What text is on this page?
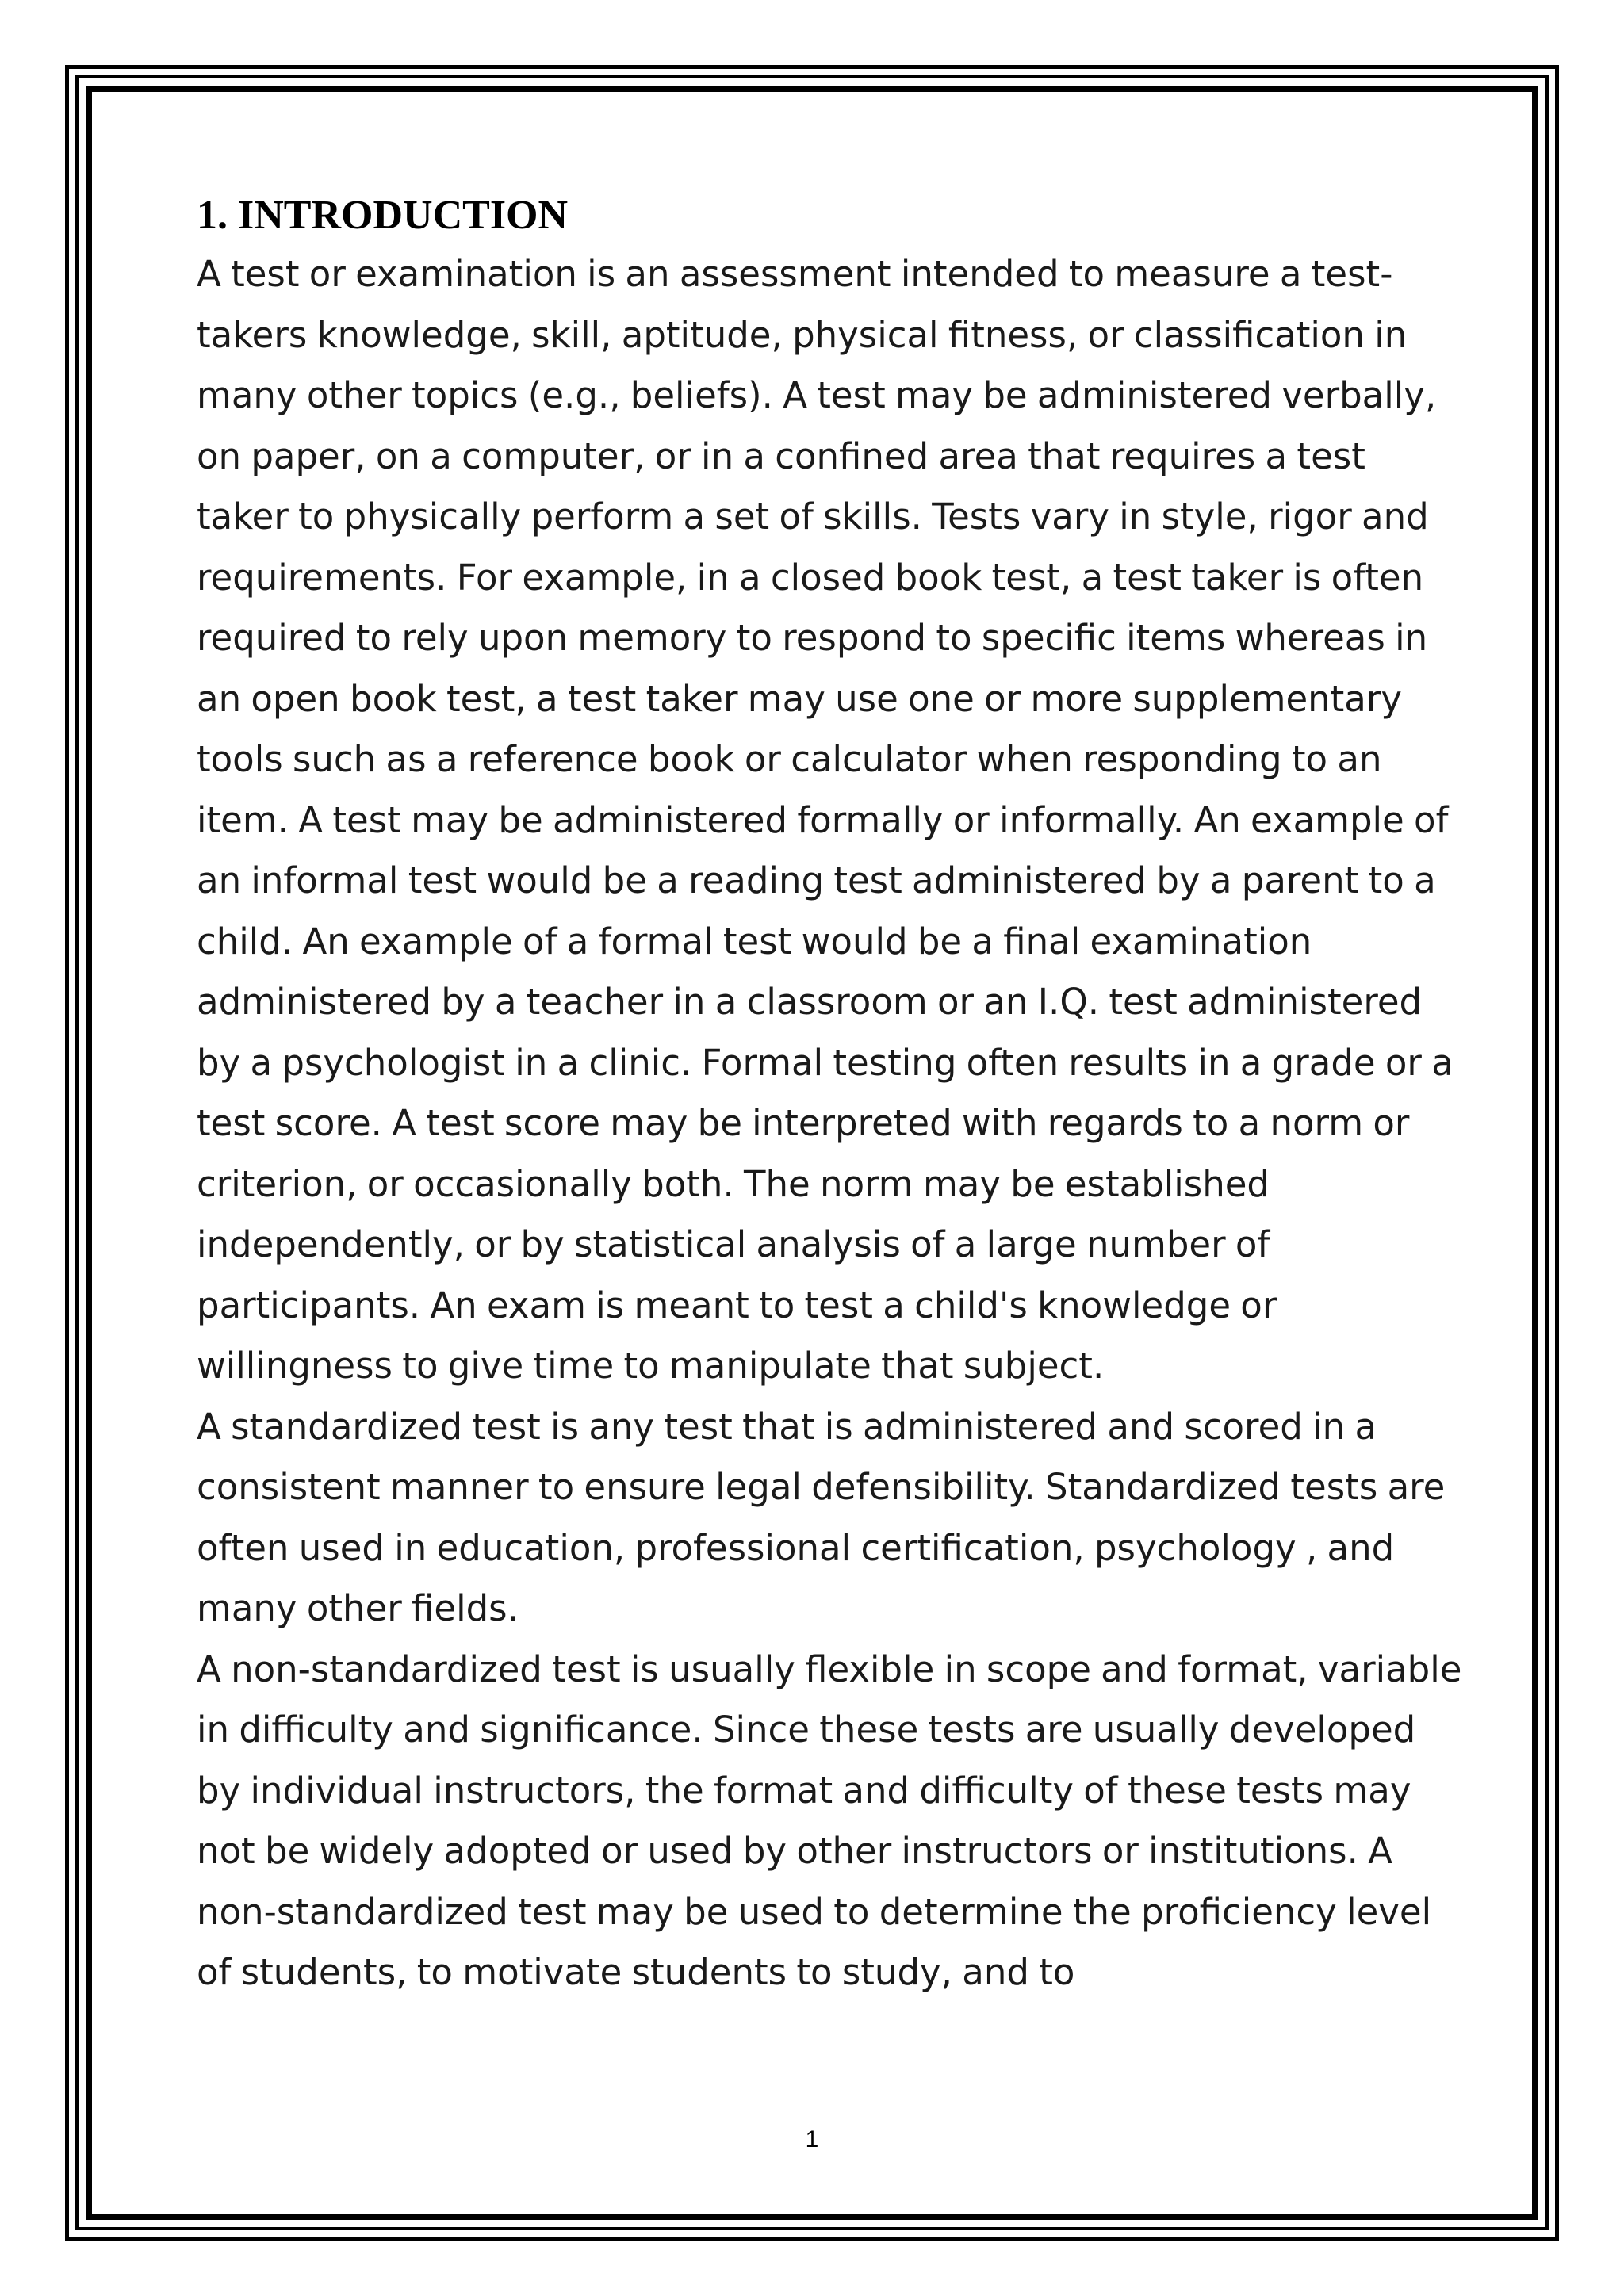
1. INTRODUCTION

A test or examination is an assessment intended to measure a test-takers knowledge, skill, aptitude, physical fitness, or classification in many other topics (e.g., beliefs). A test may be administered verbally, on paper, on a computer, or in a confined area that requires a test taker to physically perform a set of skills. Tests vary in style, rigor and requirements. For example, in a closed book test, a test taker is often required to rely upon memory to respond to specific items whereas in an open book test, a test taker may use one or more supplementary tools such as a reference book or calculator when responding to an item. A test may be administered formally or informally. An example of an informal test would be a reading test administered by a parent to a child. An example of a formal test would be a final examination administered by a teacher in a classroom or an I.Q. test administered by a psychologist in a clinic. Formal testing often results in a grade or a test score. A test score may be interpreted with regards to a norm or criterion, or occasionally both. The norm may be established independently, or by statistical analysis of a large number of participants. An exam is meant to test a child's knowledge or willingness to give time to manipulate that subject.

A standardized test is any test that is administered and scored in a consistent manner to ensure legal defensibility. Standardized tests are often used in education, professional certification, psychology , and many other fields.

A non-standardized test is usually flexible in scope and format, variable in difficulty and significance. Since these tests are usually developed by individual instructors, the format and difficulty of these tests may not be widely adopted or used by other instructors or institutions. A non-standardized test may be used to determine the proficiency level of students, to motivate students to study, and to

1
